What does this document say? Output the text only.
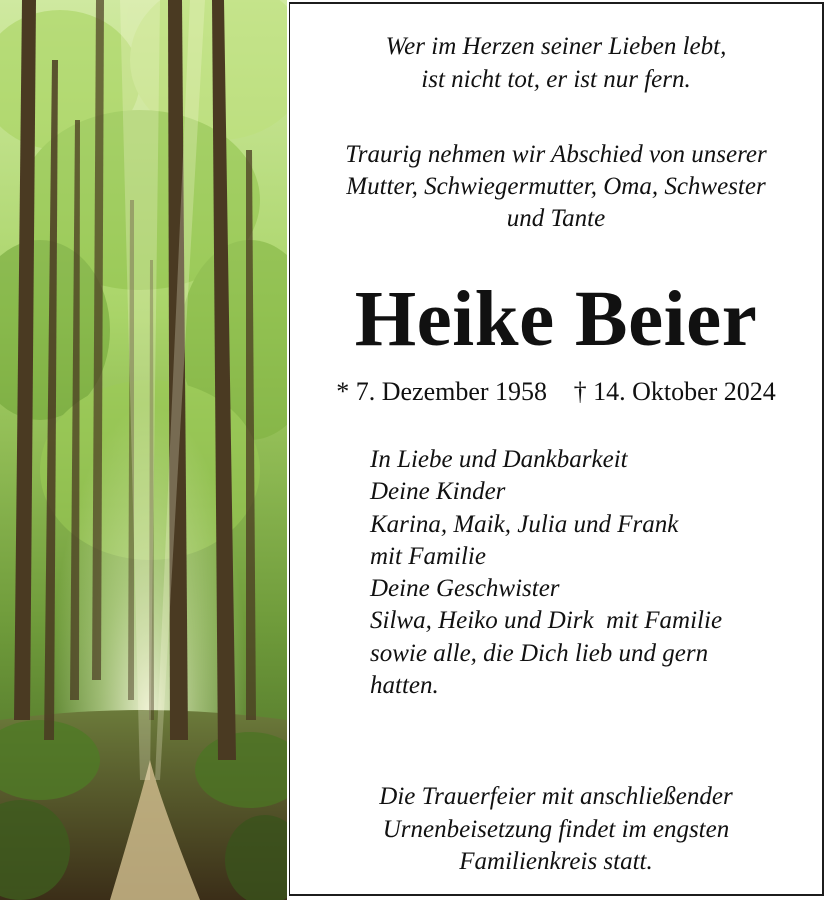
Wer im Herzen seiner Lieben lebt,
ist nicht tot, er ist nur fern.
Traurig nehmen wir Abschied von unserer
Mutter, Schwiegermutter, Oma, Schwester
und Tante
Heike Beier
* 7. Dezember 1958 † 14. Oktober 2024
In Liebe und Dankbarkeit
Deine Kinder
Karina, Maik, Julia und Frank
mit Familie
Deine Geschwister
Silwa, Heiko und Dirk  mit Familie
sowie alle, die Dich lieb und gern
hatten.
Die Trauerfeier mit anschließender
Urnenbeisetzung findet im engsten
Familienkreis statt.
